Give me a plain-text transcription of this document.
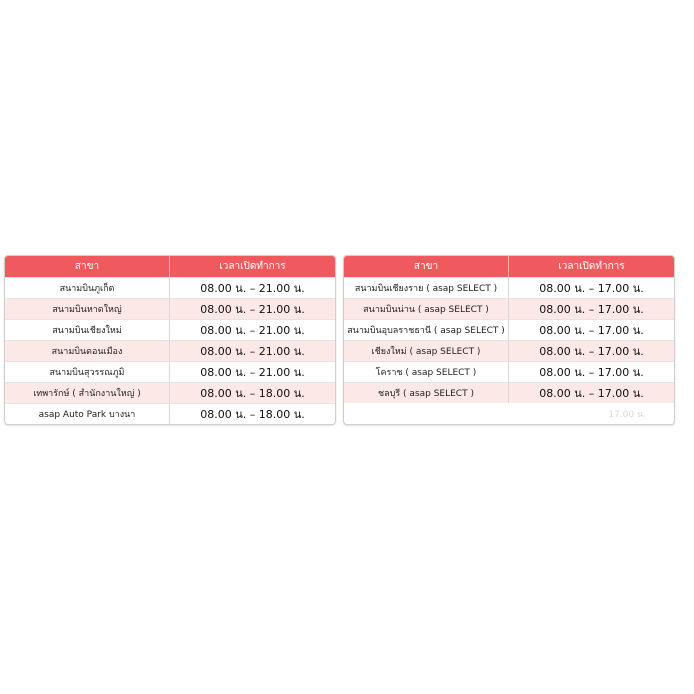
สาขา	เวลาเปิดทำการ
สนามบินภูเก็ต	08.00 น. – 21.00 น.
สนามบินหาดใหญ่	08.00 น. – 21.00 น.
สนามบินเชียงใหม่	08.00 น. – 21.00 น.
สนามบินดอนเมือง	08.00 น. – 21.00 น.
สนามบินสุวรรณภูมิ	08.00 น. – 21.00 น.
เทพารักษ์ ( สำนักงานใหญ่ )	08.00 น. – 18.00 น.
asap Auto Park บางนา	08.00 น. – 18.00 น.
สาขา	เวลาเปิดทำการ
สนามบินเชียงราย ( asap SELECT )	08.00 น. – 17.00 น.
สนามบินน่าน ( asap SELECT )	08.00 น. – 17.00 น.
สนามบินอุบลราชธานี ( asap SELECT )	08.00 น. – 17.00 น.
เชียงใหม่ ( asap SELECT )	08.00 น. – 17.00 น.
โคราช ( asap SELECT )	08.00 น. – 17.00 น.
ชลบุรี ( asap SELECT )	08.00 น. – 17.00 น.
17.00 น.
